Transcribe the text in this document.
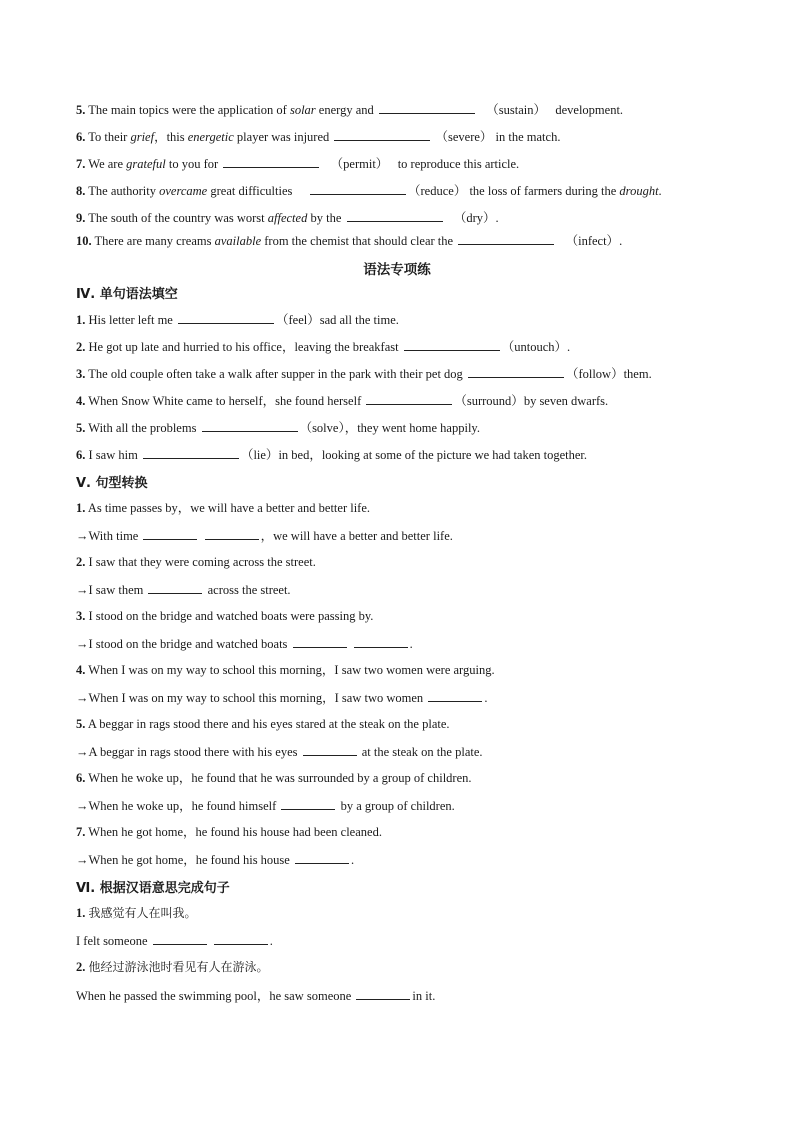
5. The main topics were the application of solar energy and	（sustain）   development.
6. To their grief，this energetic player was injured	（severe） in the match.
7. We are grateful to you for	（permit）   to reproduce this article.
8. The authority overcame great difficulties	（reduce） the loss of farmers during the drought.
9. The south of the country was worst affected by the	（dry）.
10. There are many creams available from the chemist that should clear the	（infect）.
语法专项练
Ⅳ. 单句语法填空
1. His letter left me	（feel）sad all the time.
2. He got up late and hurried to his office，leaving the breakfast	（untouch）.
3. The old couple often take a walk after supper in the park with their pet dog	（follow）them.
4. When Snow White came to herself，she found herself	（surround）by seven dwarfs.
5. With all the problems	（solve），they went home happily.
6. I saw him	（lie）in bed，looking at some of the picture we had taken together.
Ⅴ. 句型转换
1. As time passes by，we will have a better and better life.
→With time	，we will have a better and better life.
2. I saw that they were coming across the street.
→I saw them	across the street.
3. I stood on the bridge and watched boats were passing by.
→I stood on the bridge and watched boats	.
4. When I was on my way to school this morning，I saw two women were arguing.
→When I was on my way to school this morning，I saw two women	.
5. A beggar in rags stood there and his eyes stared at the steak on the plate.
→A beggar in rags stood there with his eyes	at the steak on the plate.
6. When he woke up，he found that he was surrounded by a group of children.
→When he woke up，he found himself	by a group of children.
7. When he got home，he found his house had been cleaned.
→When he got home，he found his house	.
Ⅵ. 根据汉语意思完成句子
1. 我感觉有人在叫我。
I felt someone	.
2. 他经过游泳池时看见有人在游泳。
When he passed the swimming pool，he saw someone	in it.
